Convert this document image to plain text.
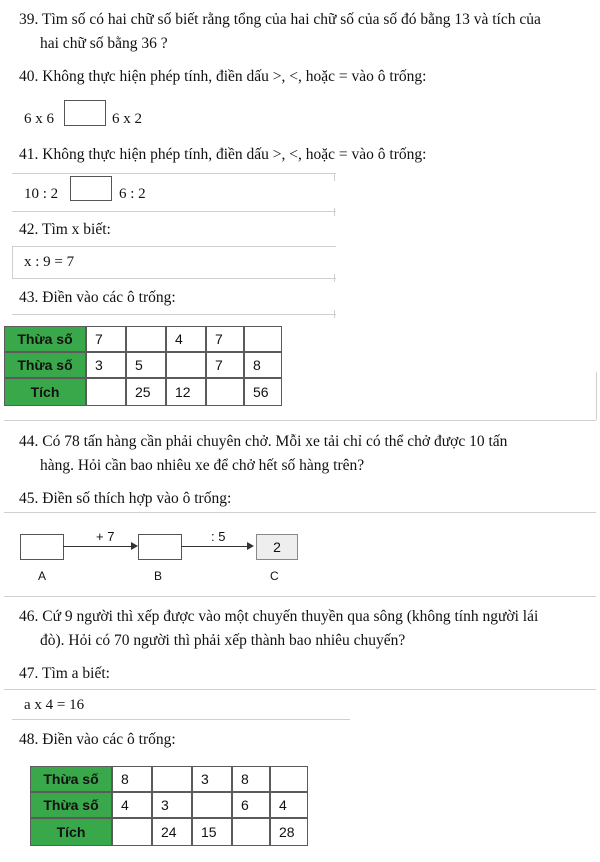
39. Tìm số có hai chữ số biết rằng tổng của hai chữ số của số đó bằng 13 và tích của
hai chữ số bằng 36 ?
40. Không thực hiện phép tính, điền dấu >, <, hoặc = vào ô trống:
6 x 6	6 x 2
41. Không thực hiện phép tính, điền dấu >, <, hoặc = vào ô trống:
10 : 2	6 : 2
42. Tìm x biết:
x : 9 = 7
43. Điền vào các ô trống:
Thừa số	7		4	7	
Thừa số	3	5		7	8
Tích		25	12		56
44. Có 78 tấn hàng cần phải chuyên chở. Mỗi xe tải chỉ có thể chở được 10 tấn
hàng. Hỏi cần bao nhiêu xe để chở hết số hàng trên?
45. Điền số thích hợp vào ô trống:
+ 7	: 5
2
A	B	C
46. Cứ 9 người thì xếp được vào một chuyến thuyền qua sông (không tính người lái
đò). Hỏi có 70 người thì phải xếp thành bao nhiêu chuyến?
47. Tìm a biết:
a x 4 = 16
48. Điền vào các ô trống:
Thừa số	8		3	8	
Thừa số	4	3		6	4
Tích		24	15		28
